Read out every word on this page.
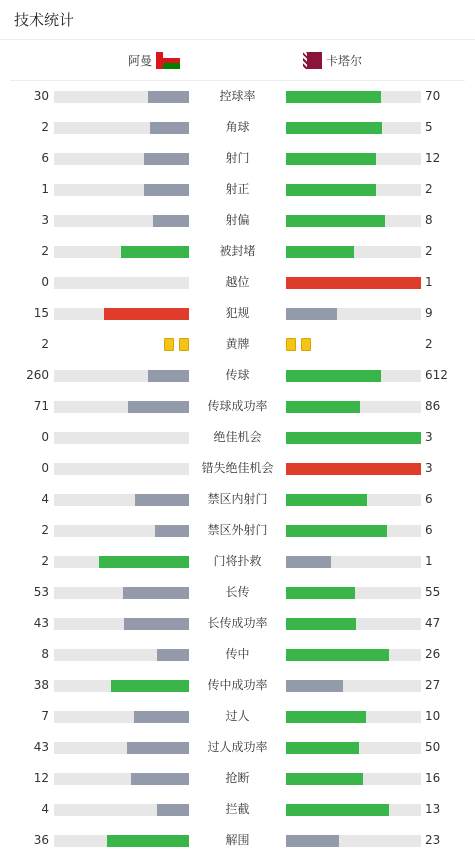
技术统计
阿曼	卡塔尔
30	控球率	70
2	角球	5
6	射门	12
1	射正	2
3	射偏	8
2	被封堵	2
0	越位	1
15	犯规	9
2	黄牌	2
260	传球	612
71	传球成功率	86
0	绝佳机会	3
0	错失绝佳机会	3
4	禁区内射门	6
2	禁区外射门	6
2	门将扑救	1
53	长传	55
43	长传成功率	47
8	传中	26
38	传中成功率	27
7	过人	10
43	过人成功率	50
12	抢断	16
4	拦截	13
36	解围	23
